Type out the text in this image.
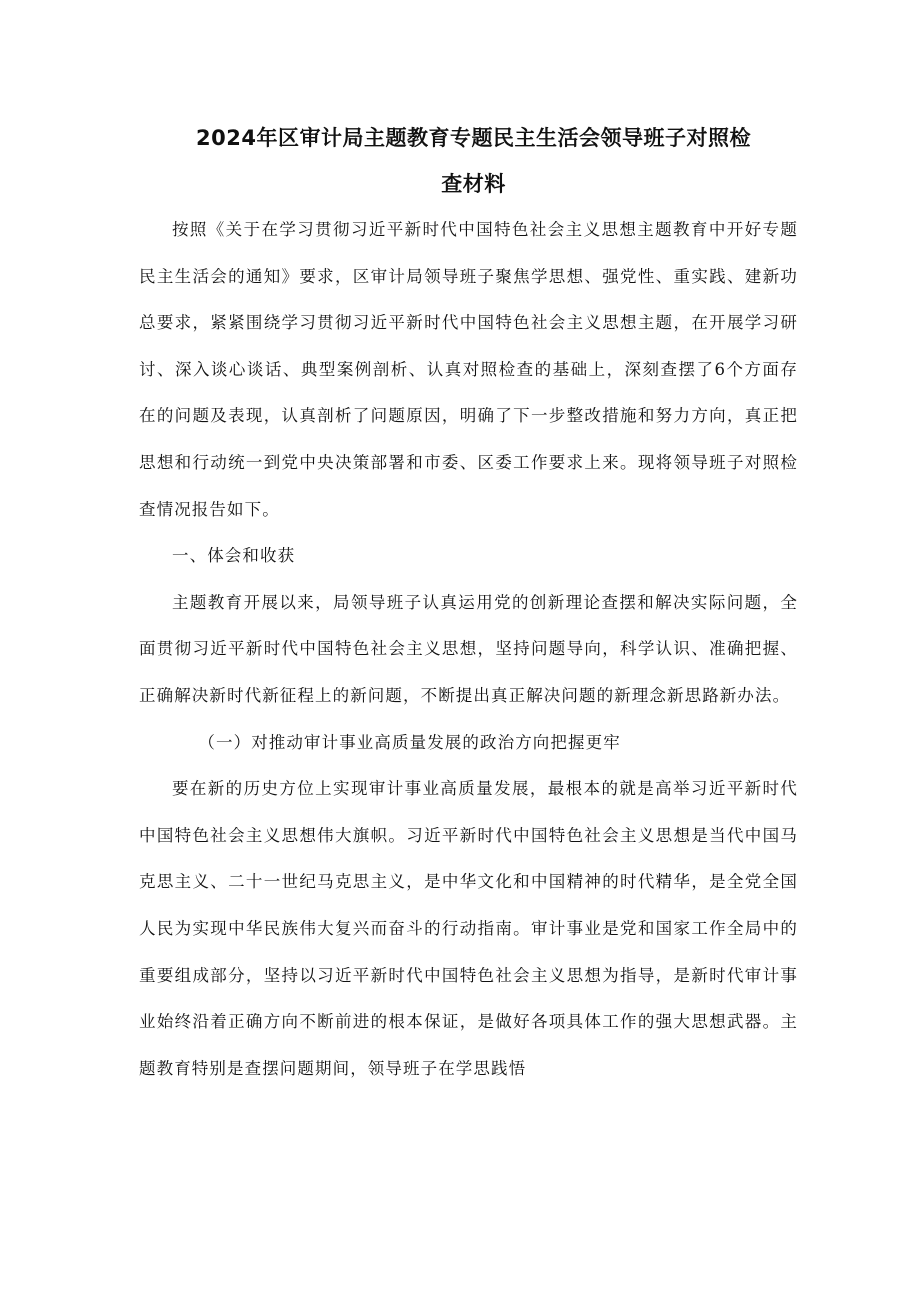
2024年区审计局主题教育专题民主生活会领导班子对照检
查材料

按照《关于在学习贯彻习近平新时代中国特色社会主义思想主题教育中开好专题民主生活会的通知》要求，区审计局领导班子聚焦学思想、强党性、重实践、建新功总要求，紧紧围绕学习贯彻习近平新时代中国特色社会主义思想主题，在开展学习研讨、深入谈心谈话、典型案例剖析、认真对照检查的基础上，深刻查摆了6个方面存在的问题及表现，认真剖析了问题原因，明确了下一步整改措施和努力方向，真正把思想和行动统一到党中央决策部署和市委、区委工作要求上来。现将领导班子对照检查情况报告如下。

一、体会和收获

主题教育开展以来，局领导班子认真运用党的创新理论查摆和解决实际问题，全面贯彻习近平新时代中国特色社会主义思想，坚持问题导向，科学认识、准确把握、正确解决新时代新征程上的新问题，不断提出真正解决问题的新理念新思路新办法。

（一）对推动审计事业高质量发展的政治方向把握更牢

要在新的历史方位上实现审计事业高质量发展，最根本的就是高举习近平新时代中国特色社会主义思想伟大旗帜。习近平新时代中国特色社会主义思想是当代中国马克思主义、二十一世纪马克思主义，是中华文化和中国精神的时代精华，是全党全国人民为实现中华民族伟大复兴而奋斗的行动指南。审计事业是党和国家工作全局中的重要组成部分，坚持以习近平新时代中国特色社会主义思想为指导，是新时代审计事业始终沿着正确方向不断前进的根本保证，是做好各项具体工作的强大思想武器。主题教育特别是查摆问题期间，领导班子在学思践悟
